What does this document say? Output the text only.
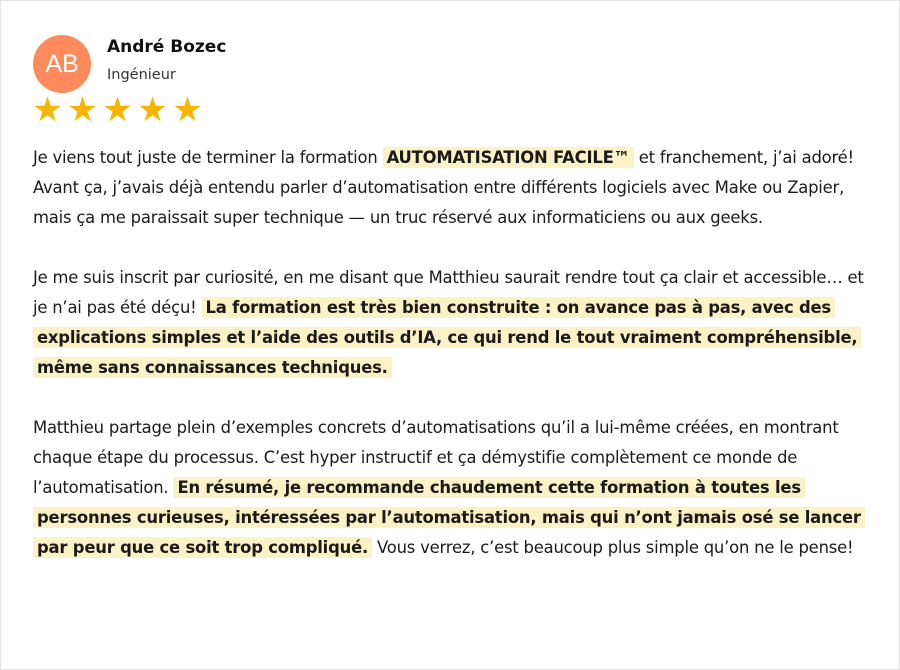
AB
André Bozec
Ingénieur
★ ★ ★ ★ ★

Je viens tout juste de terminer la formation AUTOMATISATION FACILE™ et franchement, j’ai adoré! Avant ça, j’avais déjà entendu parler d’automatisation entre différents logiciels avec Make ou Zapier, mais ça me paraissait super technique — un truc réservé aux informaticiens ou aux geeks.

Je me suis inscrit par curiosité, en me disant que Matthieu saurait rendre tout ça clair et accessible… et je n’ai pas été déçu! La formation est très bien construite : on avance pas à pas, avec des explications simples et l’aide des outils d’IA, ce qui rend le tout vraiment compréhensible, même sans connaissances techniques.

Matthieu partage plein d’exemples concrets d’automatisations qu’il a lui-même créées, en montrant chaque étape du processus. C’est hyper instructif et ça démystifie complètement ce monde de l’automatisation. En résumé, je recommande chaudement cette formation à toutes les personnes curieuses, intéressées par l’automatisation, mais qui n’ont jamais osé se lancer par peur que ce soit trop compliqué. Vous verrez, c’est beaucoup plus simple qu’on ne le pense!
